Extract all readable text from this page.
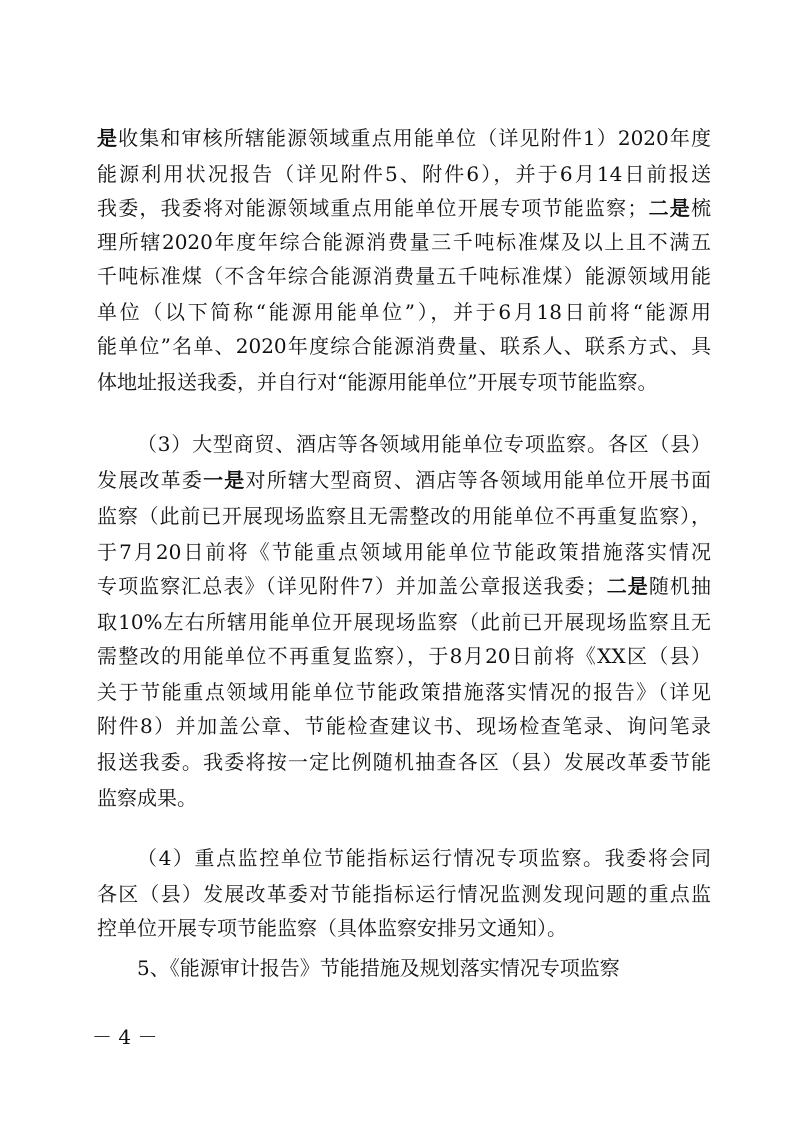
是收集和审核所辖能源领域重点用能单位（详见附件1）2020年度
能源利用状况报告（详见附件5、附件6），并于6月14日前报送
我委，我委将对能源领域重点用能单位开展专项节能监察；二是梳
理所辖2020年度年综合能源消费量三千吨标准煤及以上且不满五
千吨标准煤（不含年综合能源消费量五千吨标准煤）能源领域用能
单位（以下简称“能源用能单位”），并于6月18日前将“能源用
能单位”名单、2020年度综合能源消费量、联系人、联系方式、具
体地址报送我委，并自行对“能源用能单位”开展专项节能监察。
（3）大型商贸、酒店等各领域用能单位专项监察。各区（县）
发展改革委一是对所辖大型商贸、酒店等各领域用能单位开展书面
监察（此前已开展现场监察且无需整改的用能单位不再重复监察），
于7月20日前将《节能重点领域用能单位节能政策措施落实情况
专项监察汇总表》（详见附件7）并加盖公章报送我委；二是随机抽
取10%左右所辖用能单位开展现场监察（此前已开展现场监察且无
需整改的用能单位不再重复监察），于8月20日前将《XX区（县）
关于节能重点领域用能单位节能政策措施落实情况的报告》（详见
附件8）并加盖公章、节能检查建议书、现场检查笔录、询问笔录
报送我委。我委将按一定比例随机抽查各区（县）发展改革委节能
监察成果。
（4）重点监控单位节能指标运行情况专项监察。我委将会同
各区（县）发展改革委对节能指标运行情况监测发现问题的重点监
控单位开展专项节能监察（具体监察安排另文通知）。
5、《能源审计报告》节能措施及规划落实情况专项监察
－ 4 －
